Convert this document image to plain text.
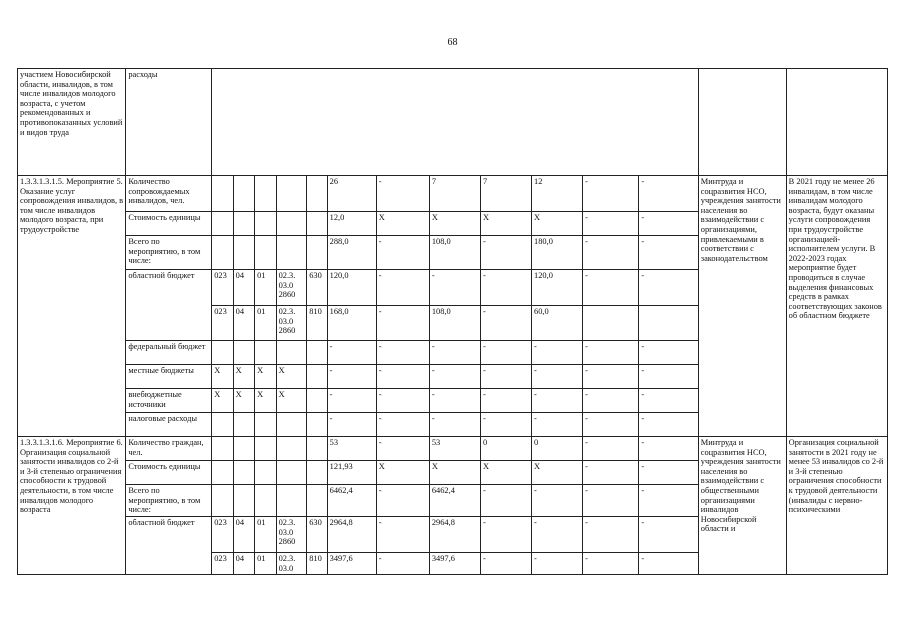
68
участием Новосибирской области, инвалидов, в том числе инвалидов молодого возраста, с учетом рекомендованных и противопоказанных условий и видов труда	расходы														
1.3.3.1.3.1.5. Мероприятие 5. Оказание услуг сопровождения инвалидов, в том числе инвалидов молодого возраста, при трудоустройстве	Количество сопровождаемых инвалидов, чел.						26	-	7	7	12	-	-	Минтруда и соцразвития НСО, учреждения занятости населения во взаимодействии с организациями, привлекаемыми в соответствии с законодательством	В 2021 году не менее 26 инвалидам, в том числе инвалидам молодого возраста, будут оказаны услуги сопровождения при трудоустройстве организацией-исполнителем услуги. В 2022-2023 годах мероприятие будет проводиться в случае выделения финансовых средств в рамках соответствующих законов об областном бюджете
	Стоимость единицы						12,0	X	X	X	X	-	-		
	Всего по мероприятию, в том числе:						288,0	-	108,0	-	180,0	-	-		
	областной бюджет	023	04	01	02.3. 03.0 2860	630	120,0	-	-	-	120,0	-	-		
		023	04	01	02.3. 03.0 2860	810	168,0	-	108,0	-	60,0				
	федеральный бюджет						-	-	-	-	-	-	-		
	местные бюджеты	X	X	X	X		-	-	-	-	-	-	-		
	внебюджетные источники	X	X	X	X		-	-	-	-	-	-	-		
	налоговые расходы						-	-	-	-	-	-	-		
1.3.3.1.3.1.6. Мероприятие 6. Организация социальной занятости инвалидов со 2-й и 3-й степенью ограничения способности к трудовой деятельности, в том числе инвалидов молодого возраста	Количество граждан, чел.						53	-	53	0	0	-	-	Минтруда и соцразвития НСО, учреждения занятости населения во взаимодействии с общественными организациями инвалидов Новосибирской области и	Организация социальной занятости в 2021 году не менее 53 инвалидов со 2-й и 3-й степенью ограничения способности к трудовой деятельности (инвалиды с нервно-психическими
	Стоимость единицы						121,93	X	X	X	X	-	-		
	Всего по мероприятию, в том числе:						6462,4	-	6462,4	-	-	-	-		
	областной бюджет	023	04	01	02.3. 03.0 2860	630	2964,8	-	2964,8	-	-	-	-		
		023	04	01	02.3. 03.0	810	3497,6	-	3497,6	-	-	-	-		
